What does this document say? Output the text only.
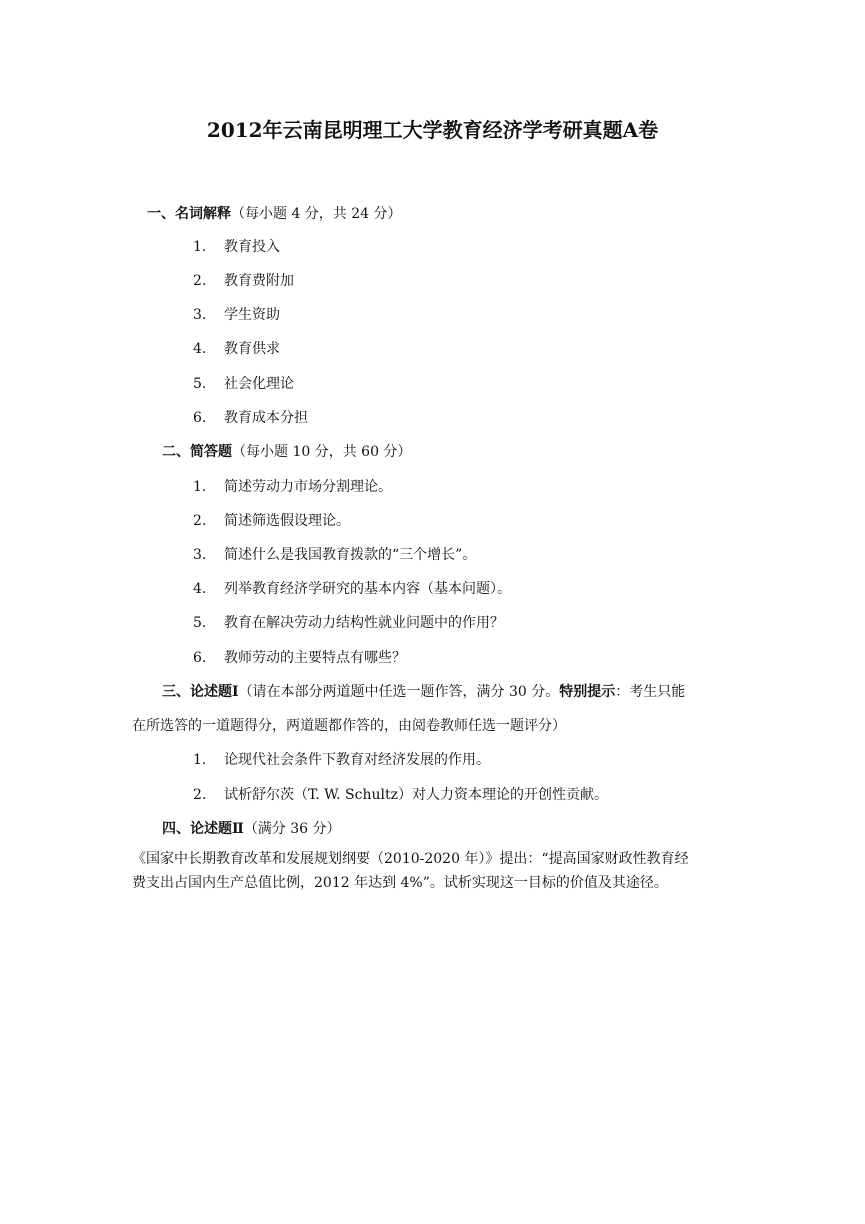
2012年云南昆明理工大学教育经济学考研真题A卷
一、名词解释（每小题 4 分，共 24 分）
1. 教育投入
2. 教育费附加
3. 学生资助
4. 教育供求
5. 社会化理论
6. 教育成本分担
二、简答题（每小题 10 分，共 60 分）
1. 简述劳动力市场分割理论。
2. 简述筛选假设理论。
3. 简述什么是我国教育拨款的“三个增长”。
4. 列举教育经济学研究的基本内容（基本问题）。
5. 教育在解决劳动力结构性就业问题中的作用？
6. 教师劳动的主要特点有哪些？
三、论述题Ⅰ（请在本部分两道题中任选一题作答，满分 30 分。特别提示：考生只能
在所选答的一道题得分，两道题都作答的，由阅卷教师任选一题评分）
1. 论现代社会条件下教育对经济发展的作用。
2. 试析舒尔茨（T. W. Schultz）对人力资本理论的开创性贡献。
四、论述题Ⅱ（满分 36 分）
《国家中长期教育改革和发展规划纲要（2010-2020 年）》提出：“提高国家财政性教育经
费支出占国内生产总值比例，2012 年达到 4%”。试析实现这一目标的价值及其途径。
